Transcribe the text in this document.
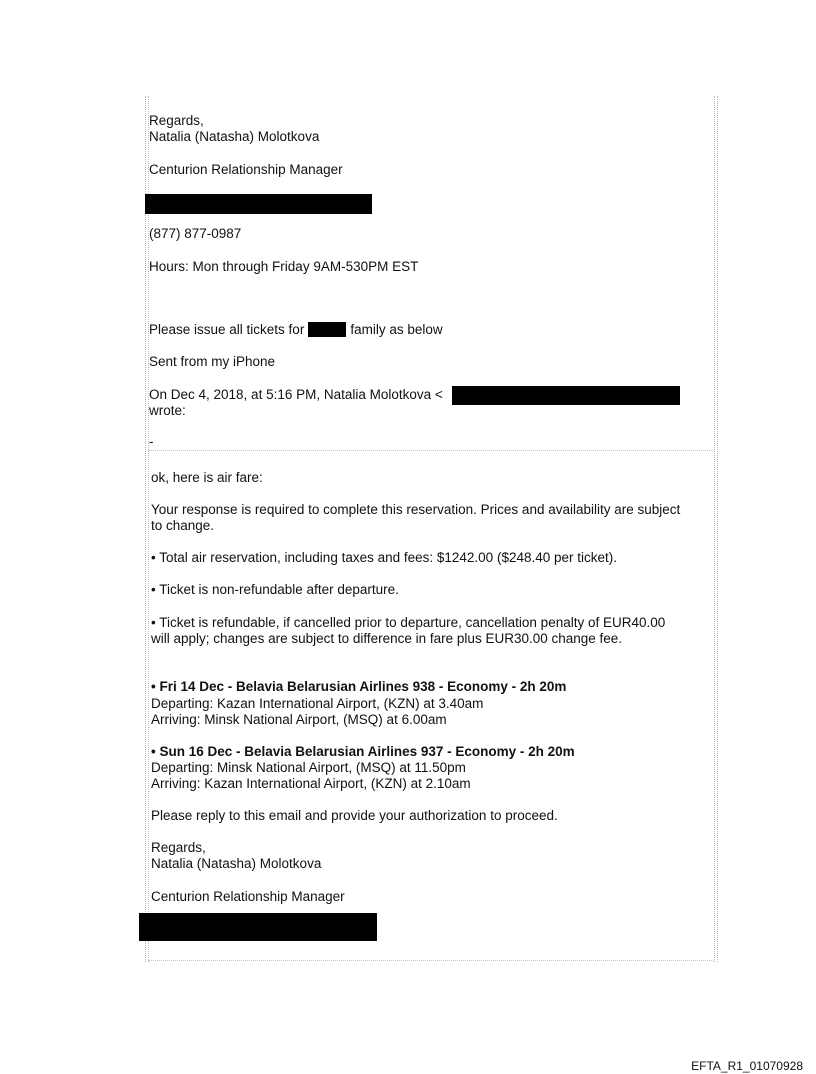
Regards,
Natalia (Natasha) Molotkova
Centurion Relationship Manager
(877) 877-0987
Hours: Mon through Friday 9AM-530PM EST
Please issue all tickets for	family as below
Sent from my iPhone
On Dec 4, 2018, at 5:16 PM, Natalia Molotkova <
wrote:
-
ok, here is air fare:
Your response is required to complete this reservation. Prices and availability are subject
to change.
• Total air reservation, including taxes and fees: $1242.00 ($248.40 per ticket).
• Ticket is non-refundable after departure.
• Ticket is refundable, if cancelled prior to departure, cancellation penalty of EUR40.00
will apply; changes are subject to difference in fare plus EUR30.00 change fee.
• Fri 14 Dec - Belavia Belarusian Airlines 938 - Economy - 2h 20m
Departing: Kazan International Airport, (KZN) at 3.40am
Arriving: Minsk National Airport, (MSQ) at 6.00am
• Sun 16 Dec - Belavia Belarusian Airlines 937 - Economy - 2h 20m
Departing: Minsk National Airport, (MSQ) at 11.50pm
Arriving: Kazan International Airport, (KZN) at 2.10am
Please reply to this email and provide your authorization to proceed.
Regards,
Natalia (Natasha) Molotkova
Centurion Relationship Manager
EFTA_R1_01070928
